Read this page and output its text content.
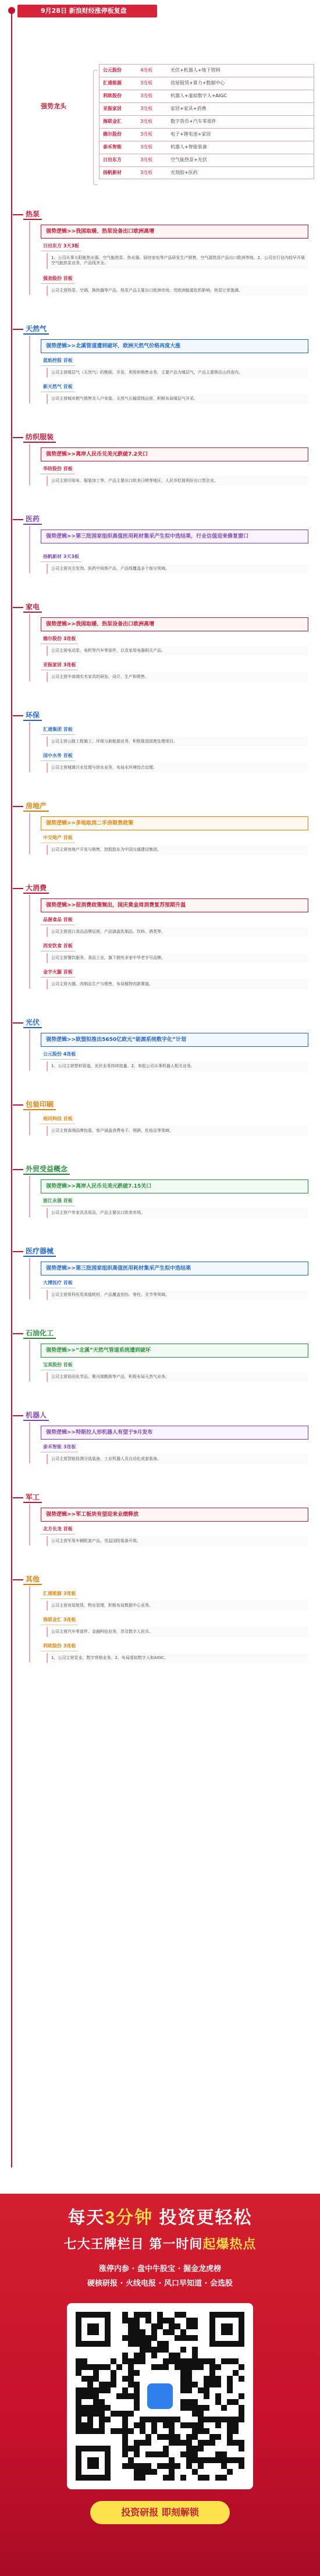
9月28日 新浪财经涨停板复盘
强势龙头
公元股份	4连板	光伏+机器人+地下管网
汇通能源	3连板	房屋租赁+算力+数据中心
利欧股份	3连板	机器人+虚拟数字人+AIGC
亚振家居	3连板	家居+家具+消费
海联金汇	3连板	数字货币+汽车零部件
德尔股份	3连板	电子+锂电池+家居
泰禾智能	3连板	机器人+智能装备
日出东方	3连板	空气能热泵+光伏
扬帆新材	3连板	光刻胶+医药
热泵
强势逻辑>>我国取暖、热泵设备出口欧洲高增
日出东方 3天3板
1、公司从事太阳能热水器、空气能热泵、热水器、厨房家电等产品研发生产销售，空气源热泵产品出口欧洲等地。2、公司在行业内较早开展空气能热泵业务，产品线齐全。
强劲股份 首板
公司主营热泵、空调、换热器等产品，热泵产品主要出口欧洲市场，受欧洲能源危机影响，热泵订单饱满。
天然气
强势逻辑>>北溪管道遭到破坏，欧洲天然气价格再度大涨
蓝焰控股 首板
公司主营煤层气（天然气）的勘探、开发、利用和销售业务，主要产品为煤层气，产品主要销往山西省内。
新天然气 首板
公司主营城市燃气销售及入户安装、天然气长输管线运营，积极布局煤层气开采。
纺织服装
强势逻辑>>离岸人民币兑美元跌破7.2关口
华纺股份 首板
公司主营印染布、服装加工等，产品主要出口欧美日韩等地区，人民币贬值利好出口型企业。
医药
强势逻辑>>第三批国家组织高值医用耗材集采产生拟中选结果，行业估值迎来修复窗口
扬帆新材 3天3板
公司主营光引发剂、医药中间体产品，产品线覆盖多个细分领域。
家电
强势逻辑>>我国取暖、热泵设备出口欧洲高增
德尔股份 3连板
公司主营电动泵、电机等汽车零部件，以及家用电器相关产品。
亚振家居 3连板
公司主营中高端实木家具的研发、设计、生产和销售。
环保
汇通集团 首板
公司主营公路工程施工、环保与新能源业务，积极推进固废处理项目。
国中水务 首板
公司主营城镇污水处理与供水业务，布局水环境综合治理。
房地产
强势逻辑>>多地取消二手房限售政策
中交地产 首板
公司主营房地产开发与销售，控股股东为中国交通建设集团。
大消费
强势逻辑>>促消费政策频出，国庆黄金周消费复苏预期升温
品渥食品 首板
公司主营进口食品品牌运营，产品涵盖乳制品、饮料、酒类等。
西安饮食 首板
公司主营餐饮服务、食品工业，旗下拥有多家中华老字号品牌。
金字火腿 首板
公司主营火腿、肉制品生产与销售，布局植物肉新赛道。
光伏
强势逻辑>>欧盟拟推出5650亿欧元“能源系统数字化”计划
公元股份 4连板
1、公司主营塑料管道，光伏业务持续放量。2、参股公司从事机器人相关业务。
包装印刷
裕同科技 首板
公司主营高端品牌包装，客户涵盖消费电子、烟酒、化妆品等领域。
外贸受益概念
强势逻辑>>离岸人民币兑美元跌破7.15关口
浙江永强 首板
公司主营户外家具及用品，产品主要出口欧美市场。
医疗器械
强势逻辑>>第三批国家组织高值医用耗材集采产生拟中选结果
大博医疗 首板
公司主营骨科医用高值耗材，产品覆盖创伤、脊柱、关节等领域。
石油化工
强势逻辑>>“北溪”天然气管道系统遭到破坏
宝莫股份 首板
公司主营油田化学品、聚丙烯酰胺等产品，积极布局天然气业务。
机器人
强势逻辑>>特斯拉人形机器人有望于9月发布
泰禾智能 3连板
公司主营智能检测分选装备、工业机器人及自动化成套装备。
军工
强势逻辑>>军工板块有望迎来业绩释放
北方长龙 首板
公司主营军用车辆配套产品，受益国防装备升级。
其他
汇通能源 3连板
公司主营房屋租赁、物业管理，积极布局数据中心业务。
海联金汇 3连板
公司主营汽车零部件、金融科技业务，涉及数字人民币。
利欧股份 3连板
1、公司主营泵业、数字营销业务。2、布局虚拟数字人和AIGC。
每天3分钟 投资更轻松
七大王牌栏目 第一时间起爆热点
涨停内参 · 盘中牛股宝 · 掘金龙虎榜
硬核研报 · 火线电报 · 风口早知道 · 会选股
投资研报 即刻解锁
